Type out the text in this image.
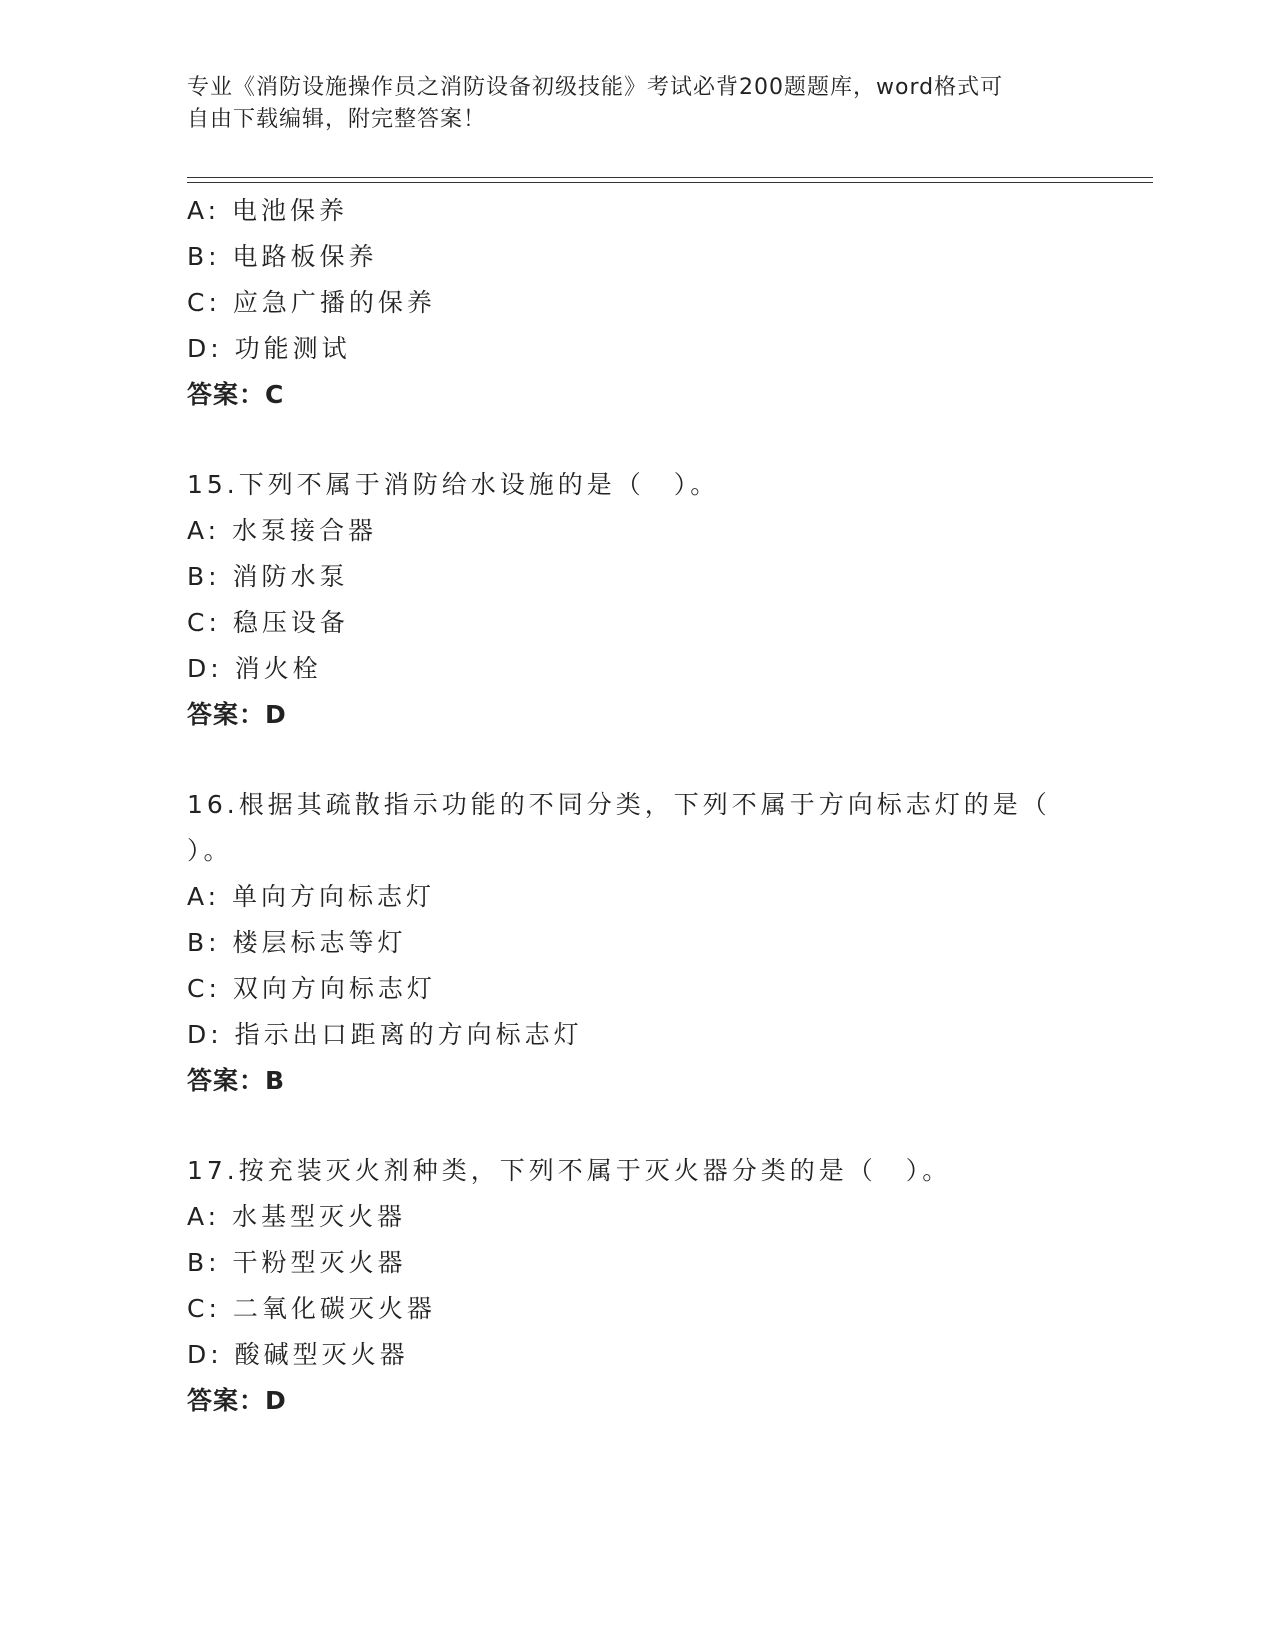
专业《消防设施操作员之消防设备初级技能》考试必背200题题库，word格式可
自由下载编辑，附完整答案！
A: 电池保养
B: 电路板保养
C: 应急广播的保养
D: 功能测试
答案：C
15.下列不属于消防给水设施的是（　）。
A: 水泵接合器
B: 消防水泵
C: 稳压设备
D: 消火栓
答案：D
16.根据其疏散指示功能的不同分类，下列不属于方向标志灯的是（
）。
A: 单向方向标志灯
B: 楼层标志等灯
C: 双向方向标志灯
D: 指示出口距离的方向标志灯
答案：B
17.按充装灭火剂种类，下列不属于灭火器分类的是（　）。
A: 水基型灭火器
B: 干粉型灭火器
C: 二氧化碳灭火器
D: 酸碱型灭火器
答案：D
